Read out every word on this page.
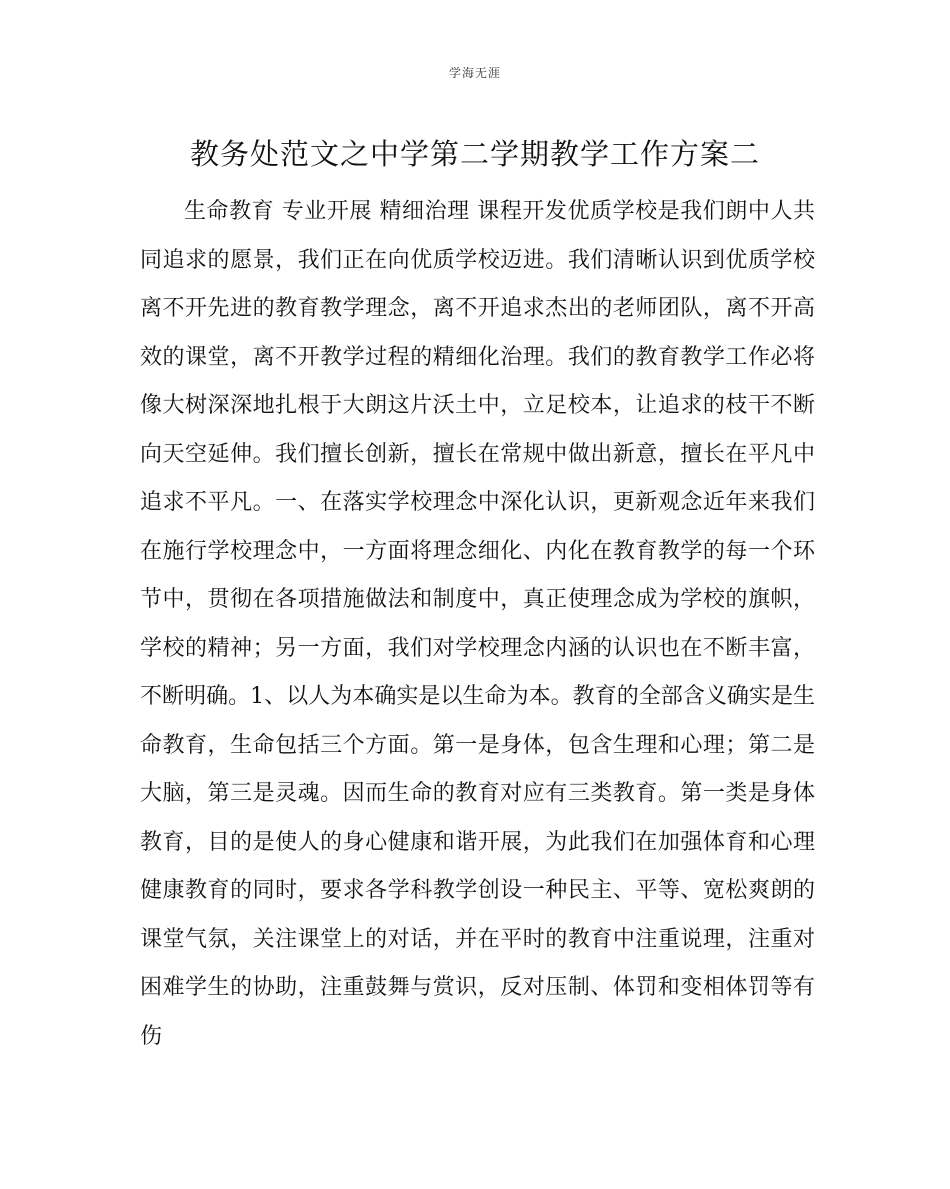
学海无涯
教务处范文之中学第二学期教学工作方案二

生命教育 专业开展 精细治理 课程开发优质学校是我们朗中人共同追求的愿景，我们正在向优质学校迈进。我们清晰认识到优质学校离不开先进的教育教学理念，离不开追求杰出的老师团队，离不开高效的课堂，离不开教学过程的精细化治理。我们的教育教学工作必将像大树深深地扎根于大朗这片沃土中，立足校本，让追求的枝干不断向天空延伸。我们擅长创新，擅长在常规中做出新意，擅长在平凡中追求不平凡。一、在落实学校理念中深化认识，更新观念近年来我们在施行学校理念中，一方面将理念细化、内化在教育教学的每一个环节中，贯彻在各项措施做法和制度中，真正使理念成为学校的旗帜，学校的精神；另一方面，我们对学校理念内涵的认识也在不断丰富，不断明确。1、以人为本确实是以生命为本。教育的全部含义确实是生命教育，生命包括三个方面。第一是身体，包含生理和心理；第二是大脑，第三是灵魂。因而生命的教育对应有三类教育。第一类是身体教育，目的是使人的身心健康和谐开展，为此我们在加强体育和心理健康教育的同时，要求各学科教学创设一种民主、平等、宽松爽朗的课堂气氛，关注课堂上的对话，并在平时的教育中注重说理，注重对困难学生的协助，注重鼓舞与赏识，反对压制、体罚和变相体罚等有伤
